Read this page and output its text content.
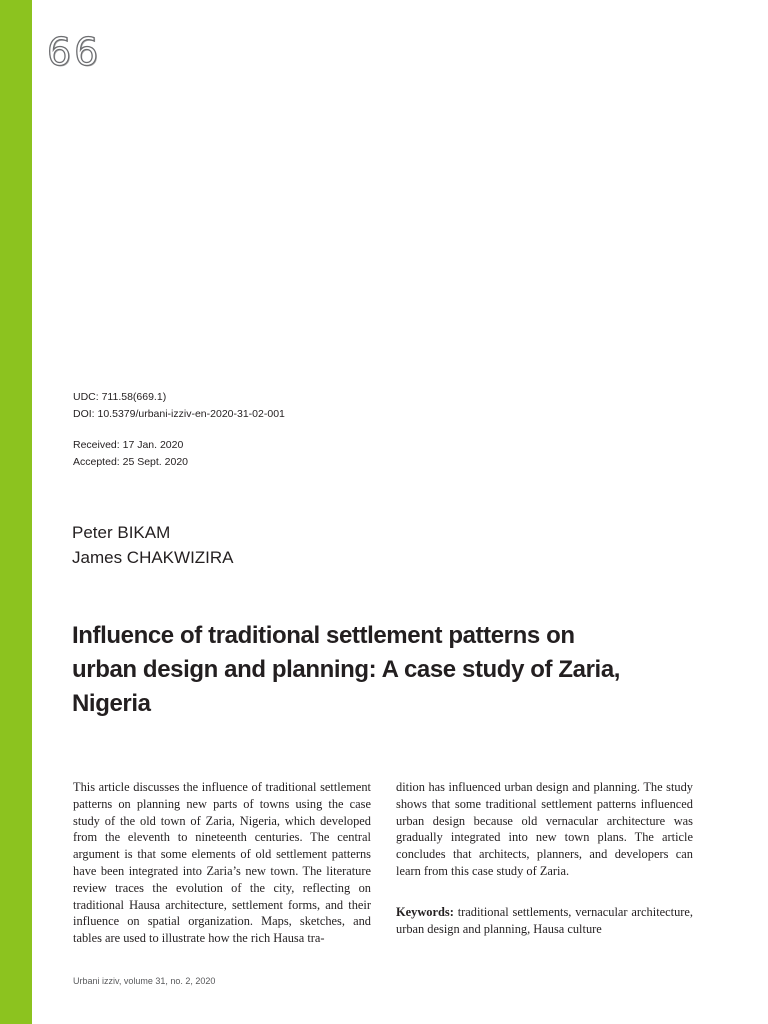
66
UDC: 711.58(669.1)
DOI: 10.5379/urbani-izziv-en-2020-31-02-001
Received: 17 Jan. 2020
Accepted: 25 Sept. 2020
Peter BIKAM
James CHAKWIZIRA
Influence of traditional settlement patterns on urban design and planning: A case study of Zaria, Nigeria

This article discusses the influence of traditional settlement patterns on planning new parts of towns using the case study of the old town of Zaria, Nigeria, which developed from the eleventh to nineteenth centuries. The central argument is that some elements of old settlement patterns have been integrated into Zaria’s new town. The literature review traces the evolution of the city, reflecting on traditional Hausa architecture, settlement forms, and their influence on spatial organization. Maps, sketches, and tables are used to illustrate how the rich Hausa tra-

dition has influenced urban design and planning. The study shows that some traditional settlement patterns influenced urban design because old vernacular architecture was gradually integrated into new town plans. The article concludes that architects, planners, and developers can learn from this case study of Zaria.

Keywords: traditional settlements, vernacular architecture, urban design and planning, Hausa culture

Urbani izziv, volume 31, no. 2, 2020
